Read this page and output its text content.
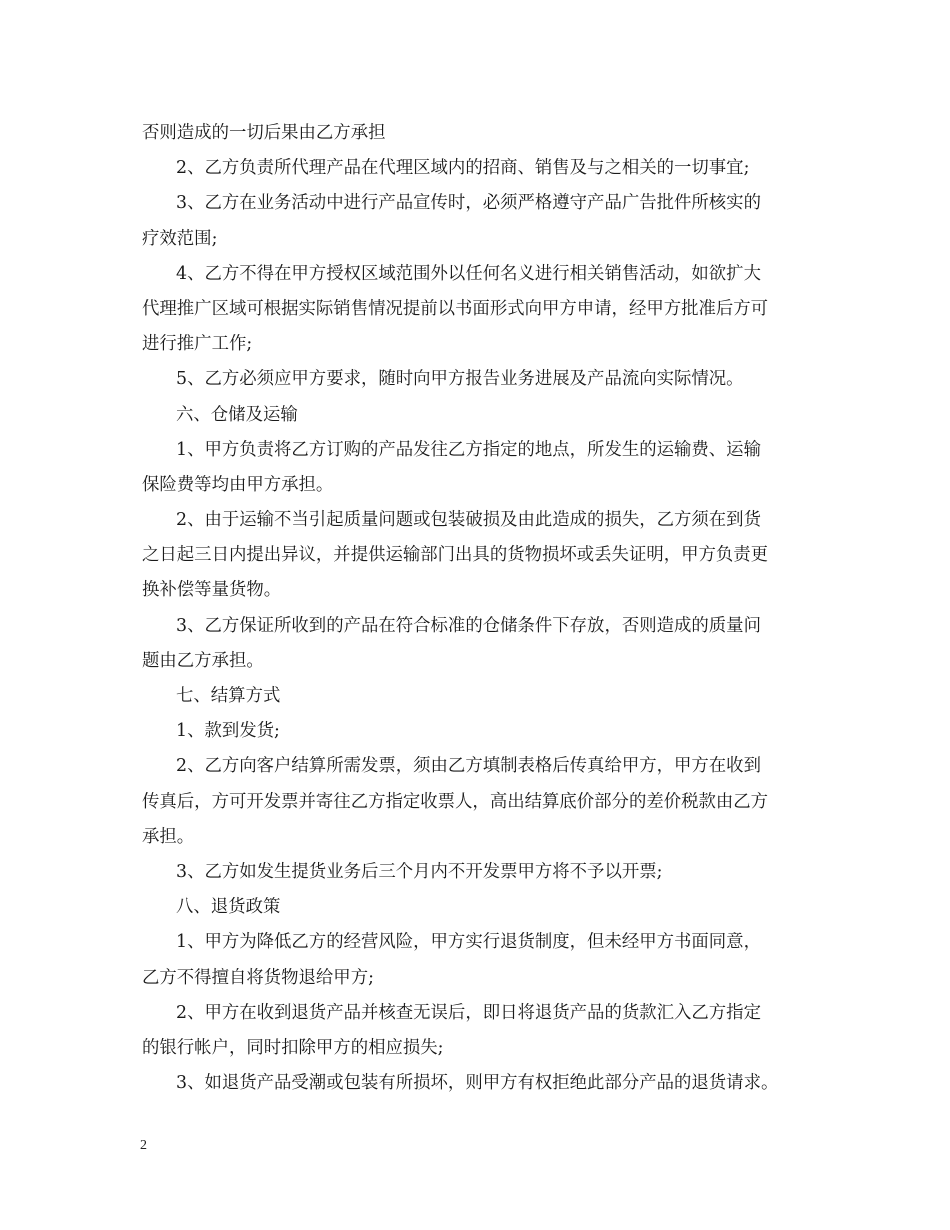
否则造成的一切后果由乙方承担
2、乙方负责所代理产品在代理区域内的招商、销售及与之相关的一切事宜;
3、乙方在业务活动中进行产品宣传时，必须严格遵守产品广告批件所核实的
疗效范围;
4、乙方不得在甲方授权区域范围外以任何名义进行相关销售活动，如欲扩大
代理推广区域可根据实际销售情况提前以书面形式向甲方申请，经甲方批准后方可
进行推广工作;
5、乙方必须应甲方要求，随时向甲方报告业务进展及产品流向实际情况。
六、仓储及运输
1、甲方负责将乙方订购的产品发往乙方指定的地点，所发生的运输费、运输
保险费等均由甲方承担。
2、由于运输不当引起质量问题或包装破损及由此造成的损失，乙方须在到货
之日起三日内提出异议，并提供运输部门出具的货物损坏或丢失证明，甲方负责更
换补偿等量货物。
3、乙方保证所收到的产品在符合标准的仓储条件下存放，否则造成的质量问
题由乙方承担。
七、结算方式
1、款到发货;
2、乙方向客户结算所需发票，须由乙方填制表格后传真给甲方，甲方在收到
传真后，方可开发票并寄往乙方指定收票人，高出结算底价部分的差价税款由乙方
承担。
3、乙方如发生提货业务后三个月内不开发票甲方将不予以开票;
八、退货政策
1、甲方为降低乙方的经营风险，甲方实行退货制度，但未经甲方书面同意，
乙方不得擅自将货物退给甲方;
2、甲方在收到退货产品并核查无误后，即日将退货产品的货款汇入乙方指定
的银行帐户，同时扣除甲方的相应损失;
3、如退货产品受潮或包装有所损坏，则甲方有权拒绝此部分产品的退货请求。
2
